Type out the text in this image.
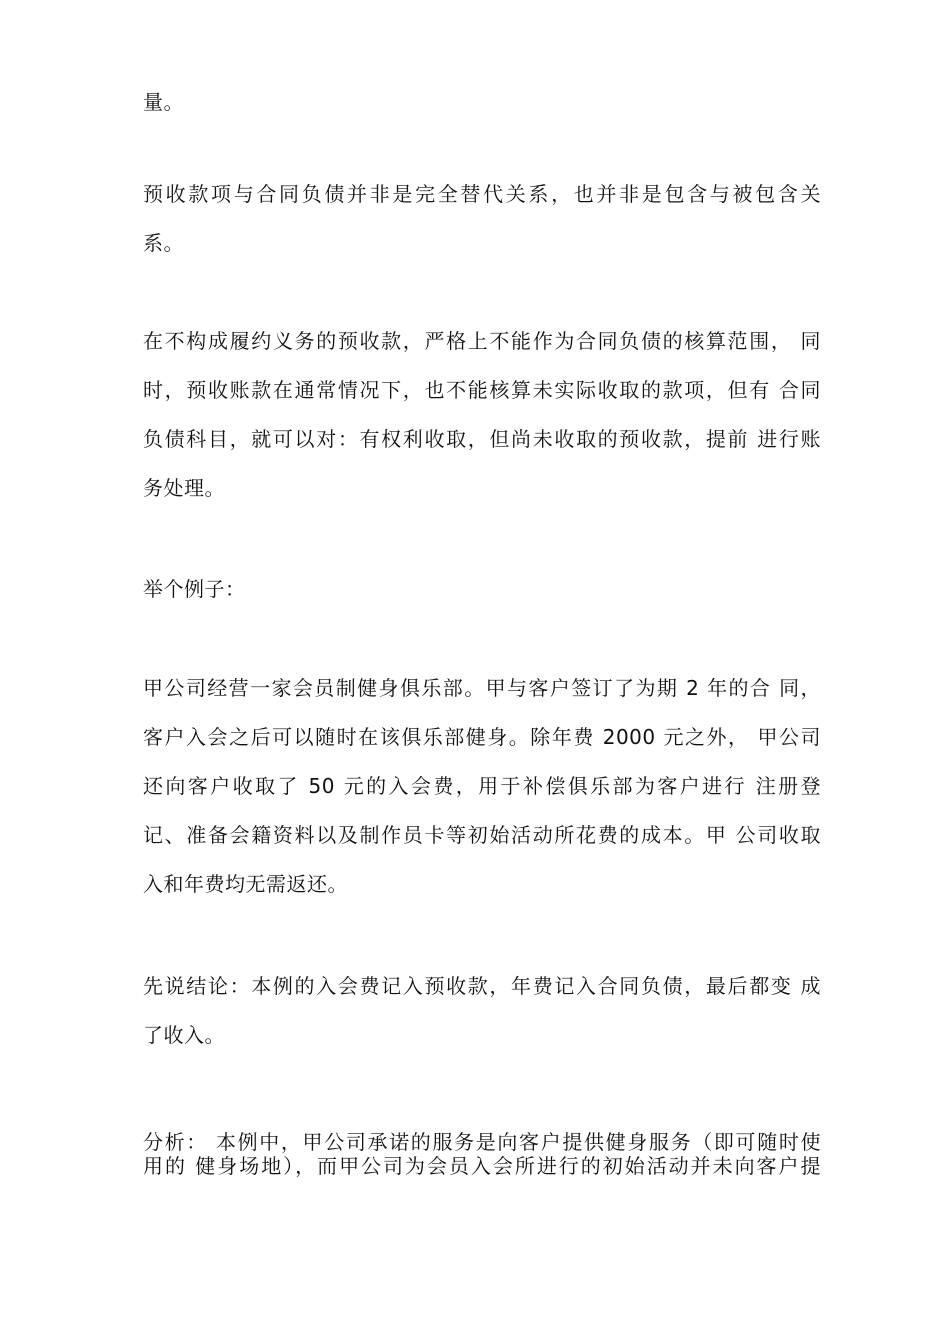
量。
预收款项与合同负债并非是完全替代关系，也并非是包含与被包含关
系。
在不构成履约义务的预收款，严格上不能作为合同负债的核算范围， 同
时，预收账款在通常情况下，也不能核算未实际收取的款项，但有 合同
负债科目，就可以对：有权利收取，但尚未收取的预收款，提前 进行账
务处理。
举个例子：
甲公司经营一家会员制健身俱乐部。甲与客户签订了为期 2 年的合 同，
客户入会之后可以随时在该俱乐部健身。除年费 2000 元之外， 甲公司
还向客户收取了 50 元的入会费，用于补偿俱乐部为客户进行 注册登
记、准备会籍资料以及制作员卡等初始活动所花费的成本。甲 公司收取
入和年费均无需返还。
先说结论：本例的入会费记入预收款，年费记入合同负债，最后都变 成
了收入。
分析： 本例中，甲公司承诺的服务是向客户提供健身服务（即可随时使
用的 健身场地），而甲公司为会员入会所进行的初始活动并未向客户提
